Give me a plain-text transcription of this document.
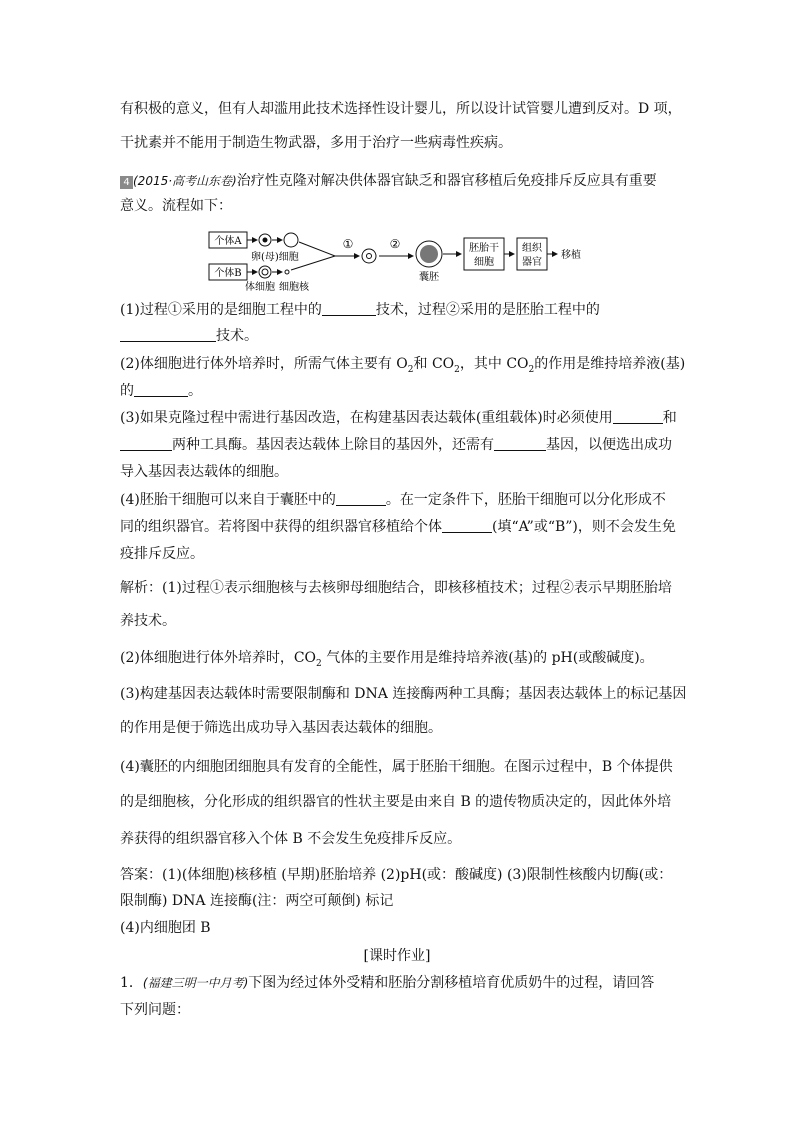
有积极的意义，但有人却滥用此技术选择性设计婴儿，所以设计试管婴儿遭到反对。D 项，
干扰素并不能用于制造生物武器，多用于治疗一些病毒性疾病。
4 (2015·高考山东卷)治疗性克隆对解决供体器官缺乏和器官移植后免疫排斥反应具有重要
意义。流程如下：
个体A
卵(母)细胞
个体B
体细胞 细胞核
①	②
囊胚
胚胎干
细胞
组织
器官
移植
(1)过程①采用的是细胞工程中的	技术，过程②采用的是胚胎工程中的
技术。
(2)体细胞进行体外培养时，所需气体主要有 $O_2$和 $CO_2$，其中 $CO_2$的作用是维持培养液(基)
的	。
(3)如果克隆过程中需进行基因改造，在构建基因表达载体(重组载体)时必须使用	和
两种工具酶。基因表达载体上除目的基因外，还需有	基因，以便选出成功
导入基因表达载体的细胞。
(4)胚胎干细胞可以来自于囊胚中的	。在一定条件下，胚胎干细胞可以分化形成不
同的组织器官。若将图中获得的组织器官移植给个体	(填“A”或“B”)，则不会发生免
疫排斥反应。
解析：(1)过程①表示细胞核与去核卵母细胞结合，即核移植技术；过程②表示早期胚胎培
养技术。
(2)体细胞进行体外培养时，$CO_2$ 气体的主要作用是维持培养液(基)的 pH(或酸碱度)。
(3)构建基因表达载体时需要限制酶和 DNA 连接酶两种工具酶；基因表达载体上的标记基因
的作用是便于筛选出成功导入基因表达载体的细胞。
(4)囊胚的内细胞团细胞具有发育的全能性，属于胚胎干细胞。在图示过程中，B 个体提供
的是细胞核，分化形成的组织器官的性状主要是由来自 B 的遗传物质决定的，因此体外培
养获得的组织器官移入个体 B 不会发生免疫排斥反应。
答案：(1)(体细胞)核移植 (早期)胚胎培养 (2)pH(或：酸碱度) (3)限制性核酸内切酶(或：
限制酶) DNA 连接酶(注：两空可颠倒) 标记
(4)内细胞团 B
[课时作业]
1．(福建三明一中月考)下图为经过体外受精和胚胎分割移植培育优质奶牛的过程，请回答
下列问题：
